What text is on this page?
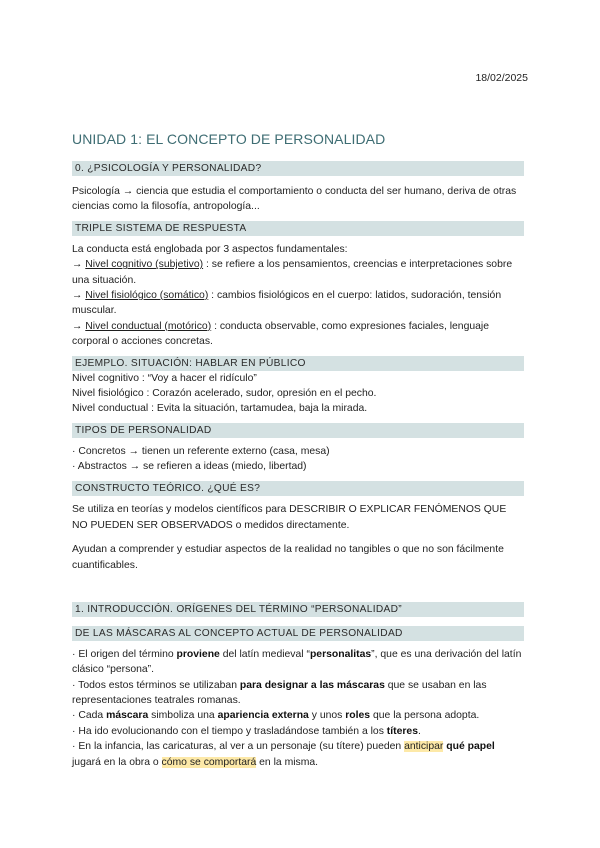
18/02/2025
UNIDAD 1: EL CONCEPTO DE PERSONALIDAD
0. ¿PSICOLOGÍA Y PERSONALIDAD?

Psicología → ciencia que estudia el comportamiento o conducta del ser humano, deriva de otras ciencias como la filosofía, antropología...

TRIPLE SISTEMA DE RESPUESTA

La conducta está englobada por 3 aspectos fundamentales:

→ Nivel cognitivo (subjetivo) : se refiere a los pensamientos, creencias e interpretaciones sobre una situación.

→ Nivel fisiológico (somático) : cambios fisiológicos en el cuerpo: latidos, sudoración, tensión muscular.

→ Nivel conductual (motórico) : conducta observable, como expresiones faciales, lenguaje corporal o acciones concretas.

EJEMPLO. SITUACIÓN: HABLAR EN PÚBLICO

Nivel cognitivo : “Voy a hacer el ridículo”

Nivel fisiológico : Corazón acelerado, sudor, opresión en el pecho.

Nivel conductual : Evita la situación, tartamudea, baja la mirada.

TIPOS DE PERSONALIDAD

· Concretos → tienen un referente externo (casa, mesa)

· Abstractos → se refieren a ideas (miedo, libertad)

CONSTRUCTO TEÓRICO. ¿QUÉ ES?

Se utiliza en teorías y modelos científicos para DESCRIBIR O EXPLICAR FENÓMENOS QUE NO PUEDEN SER OBSERVADOS o medidos directamente.

Ayudan a comprender y estudiar aspectos de la realidad no tangibles o que no son fácilmente cuantificables.

1. INTRODUCCIÓN. ORÍGENES DEL TÉRMINO “PERSONALIDAD”
DE LAS MÁSCARAS AL CONCEPTO ACTUAL DE PERSONALIDAD

· El origen del término proviene del latín medieval “personalitas”, que es una derivación del latín clásico “persona”.

· Todos estos términos se utilizaban para designar a las máscaras que se usaban en las representaciones teatrales romanas.

· Cada máscara simboliza una apariencia externa y unos roles que la persona adopta.

· Ha ido evolucionando con el tiempo y trasladándose también a los títeres.

· En la infancia, las caricaturas, al ver a un personaje (su títere) pueden anticipar qué papel jugará en la obra o cómo se comportará en la misma.
